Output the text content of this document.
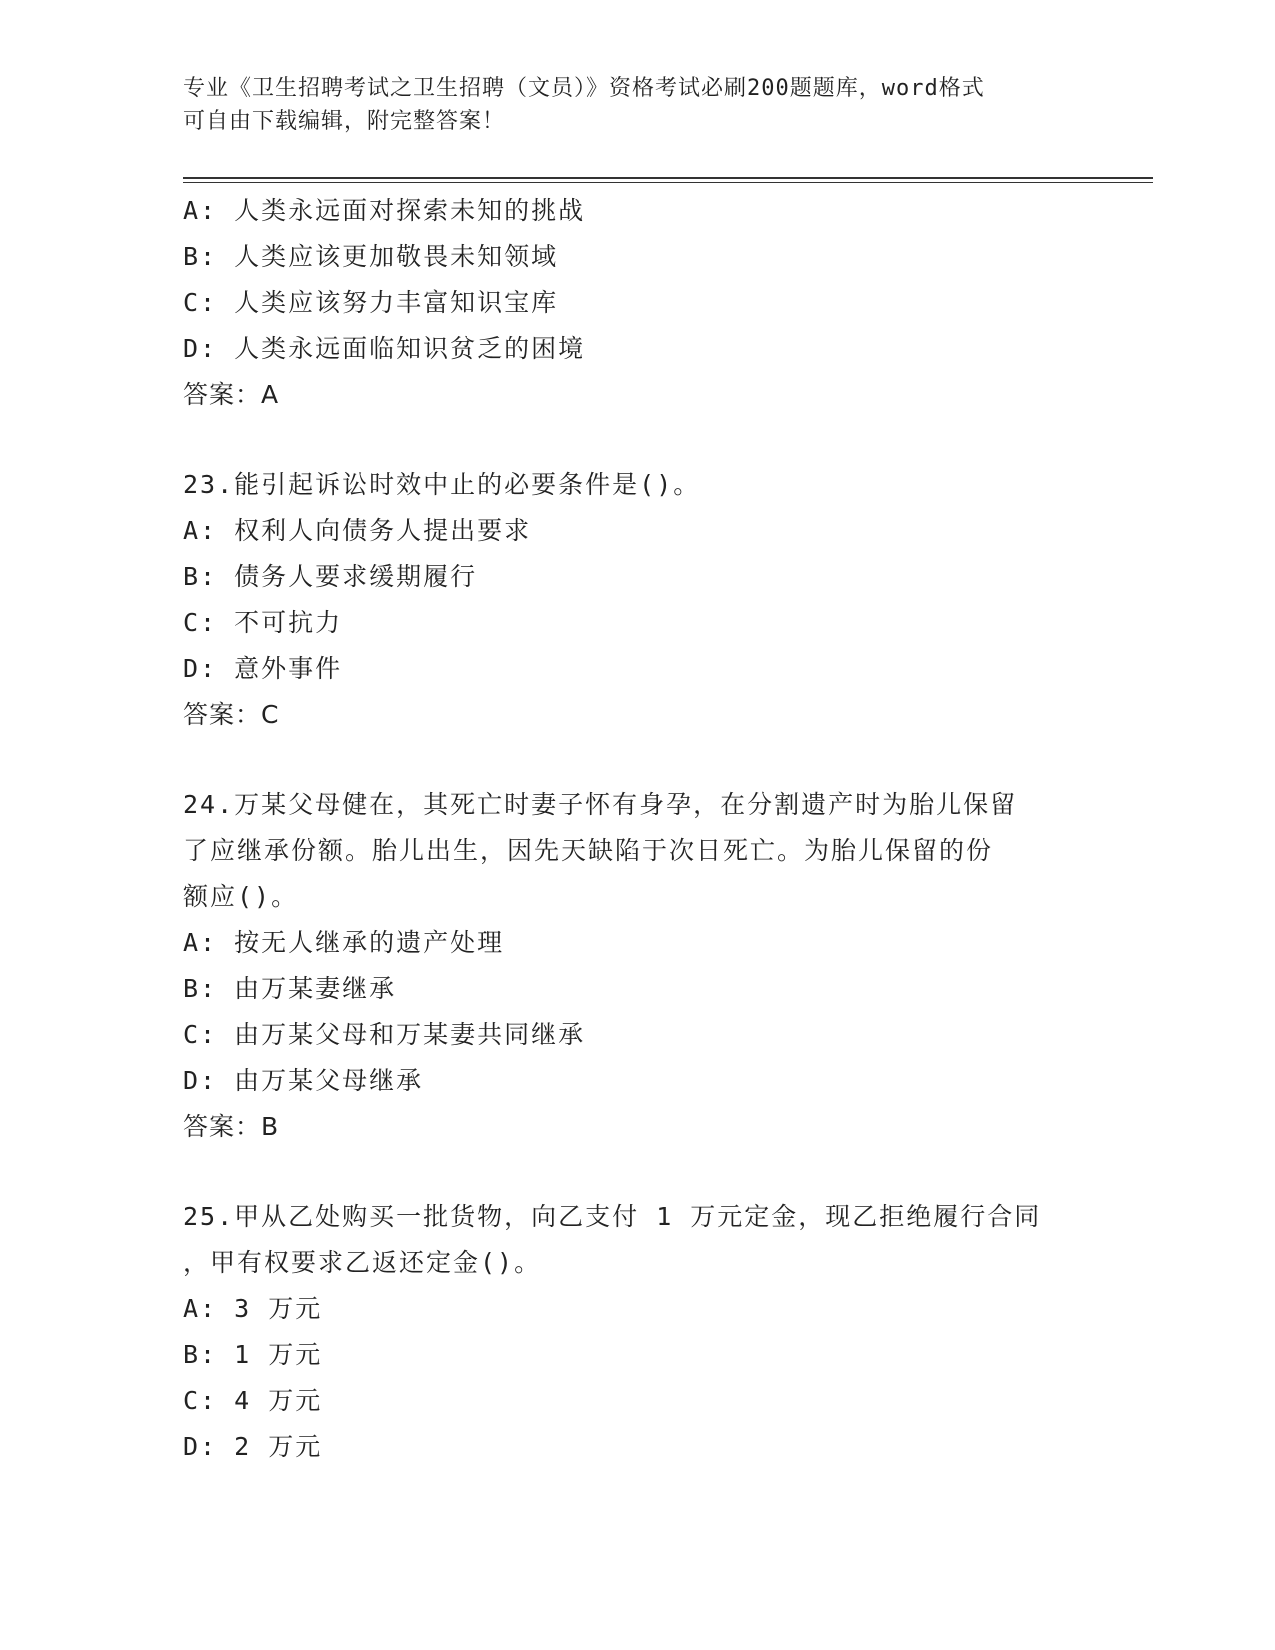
专业《卫生招聘考试之卫生招聘（文员）》资格考试必刷200题题库，word格式
可自由下载编辑，附完整答案！
A: 人类永远面对探索未知的挑战
B: 人类应该更加敬畏未知领域
C: 人类应该努力丰富知识宝库
D: 人类永远面临知识贫乏的困境
答案：A
23.能引起诉讼时效中止的必要条件是()。
A: 权利人向债务人提出要求
B: 债务人要求缓期履行
C: 不可抗力
D: 意外事件
答案：C
24.万某父母健在，其死亡时妻子怀有身孕，在分割遗产时为胎儿保留
了应继承份额。胎儿出生，因先天缺陷于次日死亡。为胎儿保留的份
额应()。
A: 按无人继承的遗产处理
B: 由万某妻继承
C: 由万某父母和万某妻共同继承
D: 由万某父母继承
答案：B
25.甲从乙处购买一批货物，向乙支付 1 万元定金，现乙拒绝履行合同
，甲有权要求乙返还定金()。
A: 3 万元
B: 1 万元
C: 4 万元
D: 2 万元
